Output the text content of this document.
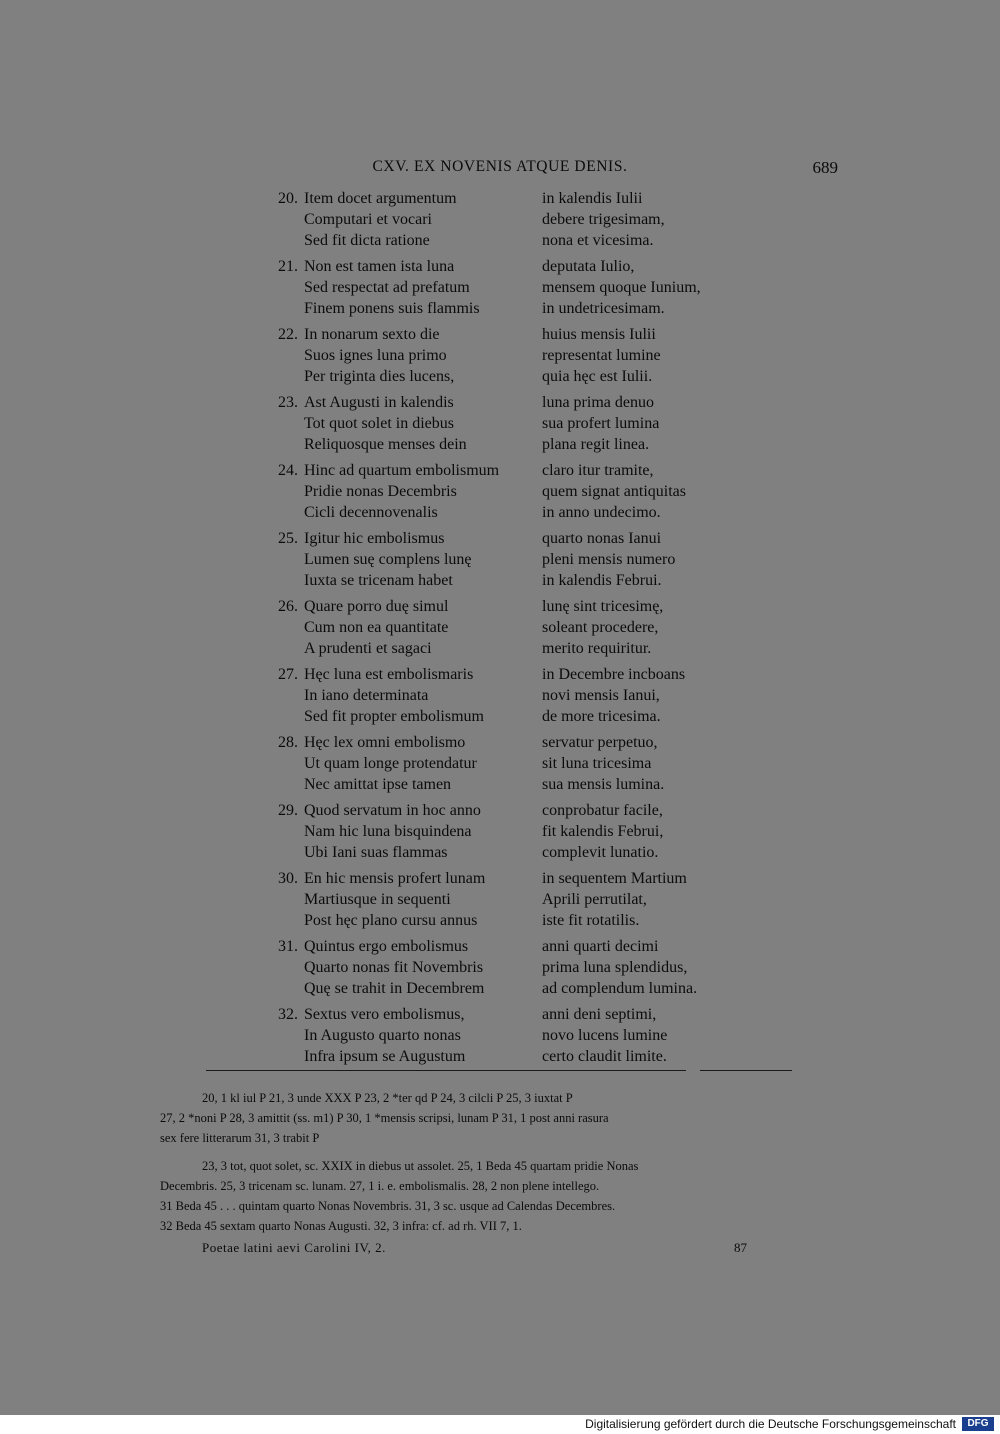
CXV. EX NOVENIS ATQUE DENIS.	689
20. Item docet argumentum	in kalendis Iulii
Computari et vocari	debere trigesimam,
Sed fit dicta ratione	nona et vicesima.
21. Non est tamen ista luna	deputata Iulio,
Sed respectat ad prefatum	mensem quoque Iunium,
Finem ponens suis flammis	in undetricesimam.
22. In nonarum sexto die	huius mensis Iulii
Suos ignes luna primo	representat lumine
Per triginta dies lucens,	quia hęc est Iulii.
23. Ast Augusti in kalendis	luna prima denuo
Tot quot solet in diebus	sua profert lumina
Reliquosque menses dein	plana regit linea.
24. Hinc ad quartum embolismum	claro itur tramite,
Pridie nonas Decembris	quem signat antiquitas
Cicli decennovenalis	in anno undecimo.
25. Igitur hic embolismus	quarto nonas Ianui
Lumen suę complens lunę	pleni mensis numero
Iuxta se tricenam habet	in kalendis Februi.
26. Quare porro duę simul	lunę sint tricesimę,
Cum non ea quantitate	soleant procedere,
A prudenti et sagaci	merito requiritur.
27. Hęc luna est embolismaris	in Decembre incboans
In iano determinata	novi mensis Ianui,
Sed fit propter embolismum	de more tricesima.
28. Hęc lex omni embolismo	servatur perpetuo,
Ut quam longe protendatur	sit luna tricesima
Nec amittat ipse tamen	sua mensis lumina.
29. Quod servatum in hoc anno	conprobatur facile,
Nam hic luna bisquindena	fit kalendis Februi,
Ubi Iani suas flammas	complevit lunatio.
30. En hic mensis profert lunam	in sequentem Martium
Martiusque in sequenti	Aprili perrutilat,
Post hęc plano cursu annus	iste fit rotatilis.
31. Quintus ergo embolismus	anni quarti decimi
Quarto nonas fit Novembris	prima luna splendidus,
Quę se trahit in Decembrem	ad complendum lumina.
32. Sextus vero embolismus,	anni deni septimi,
In Augusto quarto nonas	novo lucens lumine
Infra ipsum se Augustum	certo claudit limite.

20, 1 kl iul P 21, 3 unde XXX P 23, 2 *ter qd P 24, 3 cilcli P 25, 3 iuxtat P

27, 2 *noni P 28, 3 amittit (ss. m1) P 30, 1 *mensis scripsi, lunam P 31, 1 post anni rasura

sex fere litterarum 31, 3 trabit P

23, 3 tot, quot solet, sc. XXIX in diebus ut assolet. 25, 1 Beda 45 quartam pridie Nonas

Decembris. 25, 3 tricenam sc. lunam. 27, 1 i. e. embolismalis. 28, 2 non plene intellego.

31 Beda 45 . . . quintam quarto Nonas Novembris. 31, 3 sc. usque ad Calendas Decembres.

32 Beda 45 sextam quarto Nonas Augusti. 32, 3 infra: cf. ad rh. VII 7, 1.

Poetae latini aevi Carolini IV, 2.	87
Digitalisierung gefördert durch die Deutsche Forschungsgemeinschaft	DFG
